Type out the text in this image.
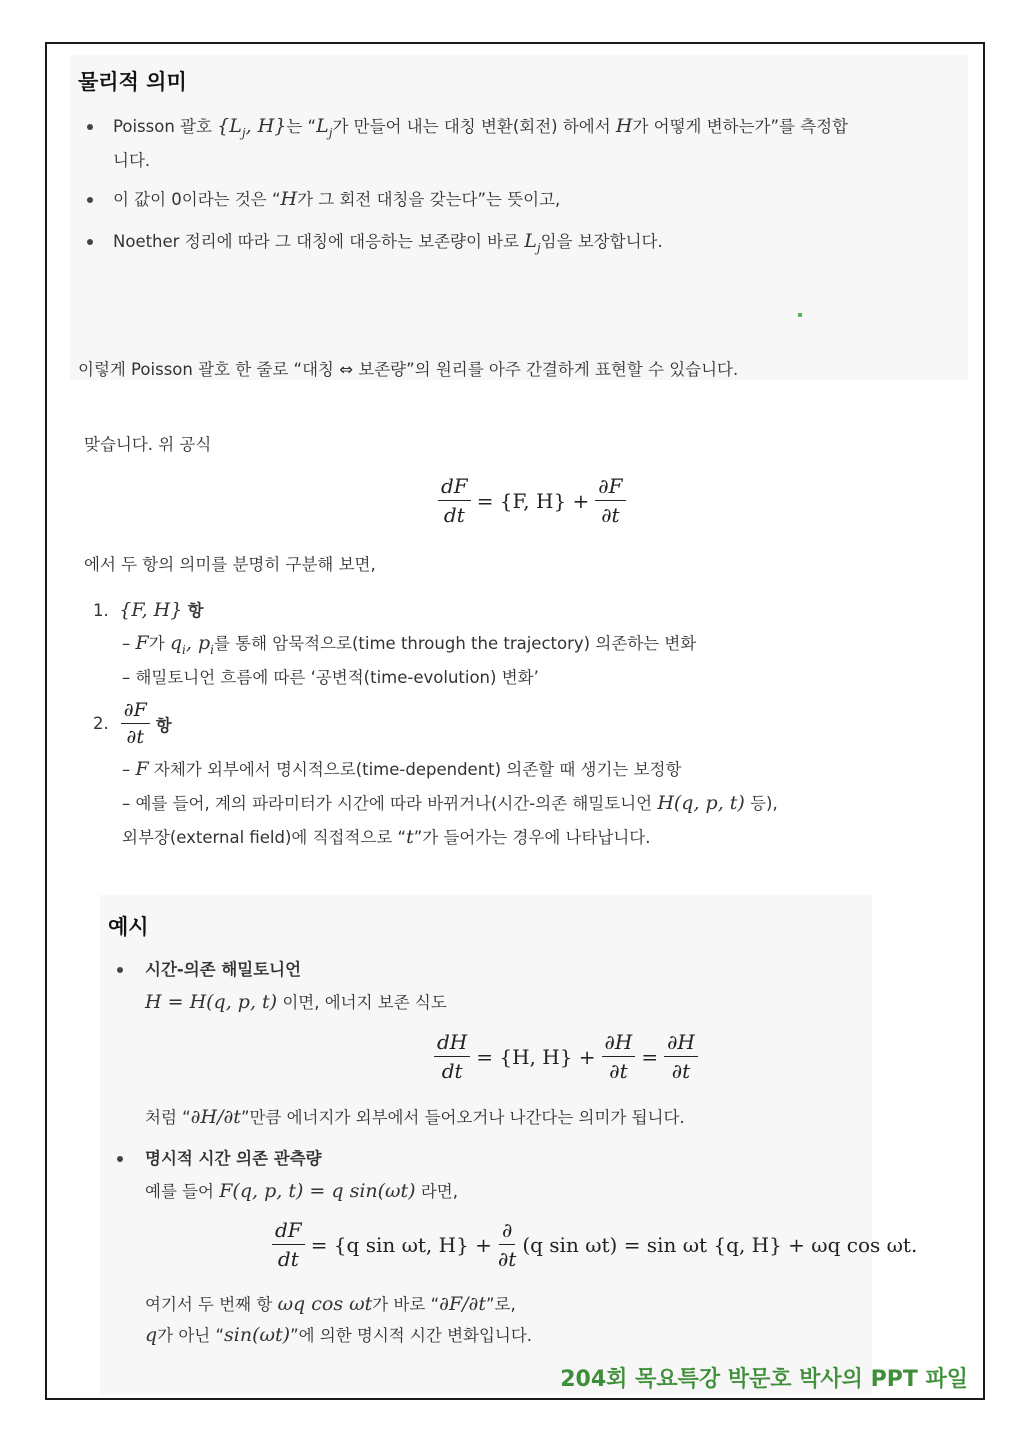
물리적 의미
Poisson 괄호 {$L_j$, H}는 “$L_j$가 만들어 내는 대칭 변환(회전) 하에서 H가 어떻게 변하는가”를 측정합
니다.
이 값이 0이라는 것은 “H가 그 회전 대칭을 갖는다”는 뜻이고,
Noether 정리에 따라 그 대칭에 대응하는 보존량이 바로 $L_j$임을 보장합니다.
이렇게 Poisson 괄호 한 줄로 “대칭 ⇔ 보존량”의 원리를 아주 간결하게 표현할 수 있습니다.
맞습니다. 위 공식
$\frac{dF}{dt} = \{F$, $H\} + \frac{\partial F}{\partial t}$
에서 두 항의 의미를 분명히 구분해 보면,
1. {F, H} 항
– F가 $q_i$, $p_i$를 통해 암묵적으로(time through the trajectory) 의존하는 변화
– 해밀토니언 흐름에 따른 ‘공변적(time-evolution) 변화’
2. $\frac{\partial F}{\partial t}$ 항
– F 자체가 외부에서 명시적으로(time-dependent) 의존할 때 생기는 보정항
– 예를 들어, 계의 파라미터가 시간에 따라 바뀌거나(시간-의존 해밀토니언 H(q, p, t) 등),
외부장(external field)에 직접적으로 “t”가 들어가는 경우에 나타납니다.
예시
시간-의존 해밀토니언
H = H(q, p, t) 이면, 에너지 보존 식도
$\frac{dH}{dt} = \{H$, $H\} + \frac{\partial H}{\partial t} = \frac{\partial H}{\partial t}$
처럼 “∂H/∂t”만큼 에너지가 외부에서 들어오거나 나간다는 의미가 됩니다.
명시적 시간 의존 관측량
예를 들어 F(q, p, t) = q sin(ωt) 라면,
$\frac{dF}{dt} = \{q$ sin ωt, $H\} + \frac{\partial}{\partial t} (q$ sin ωt) = sin ωt {q, H} + ωq cos ωt.
여기서 두 번째 항 ωq cos ωt가 바로 “∂F/∂t”로,
q가 아닌 “sin(ωt)”에 의한 명시적 시간 변화입니다.
204회 목요특강 박문호 박사의 PPT 파일
